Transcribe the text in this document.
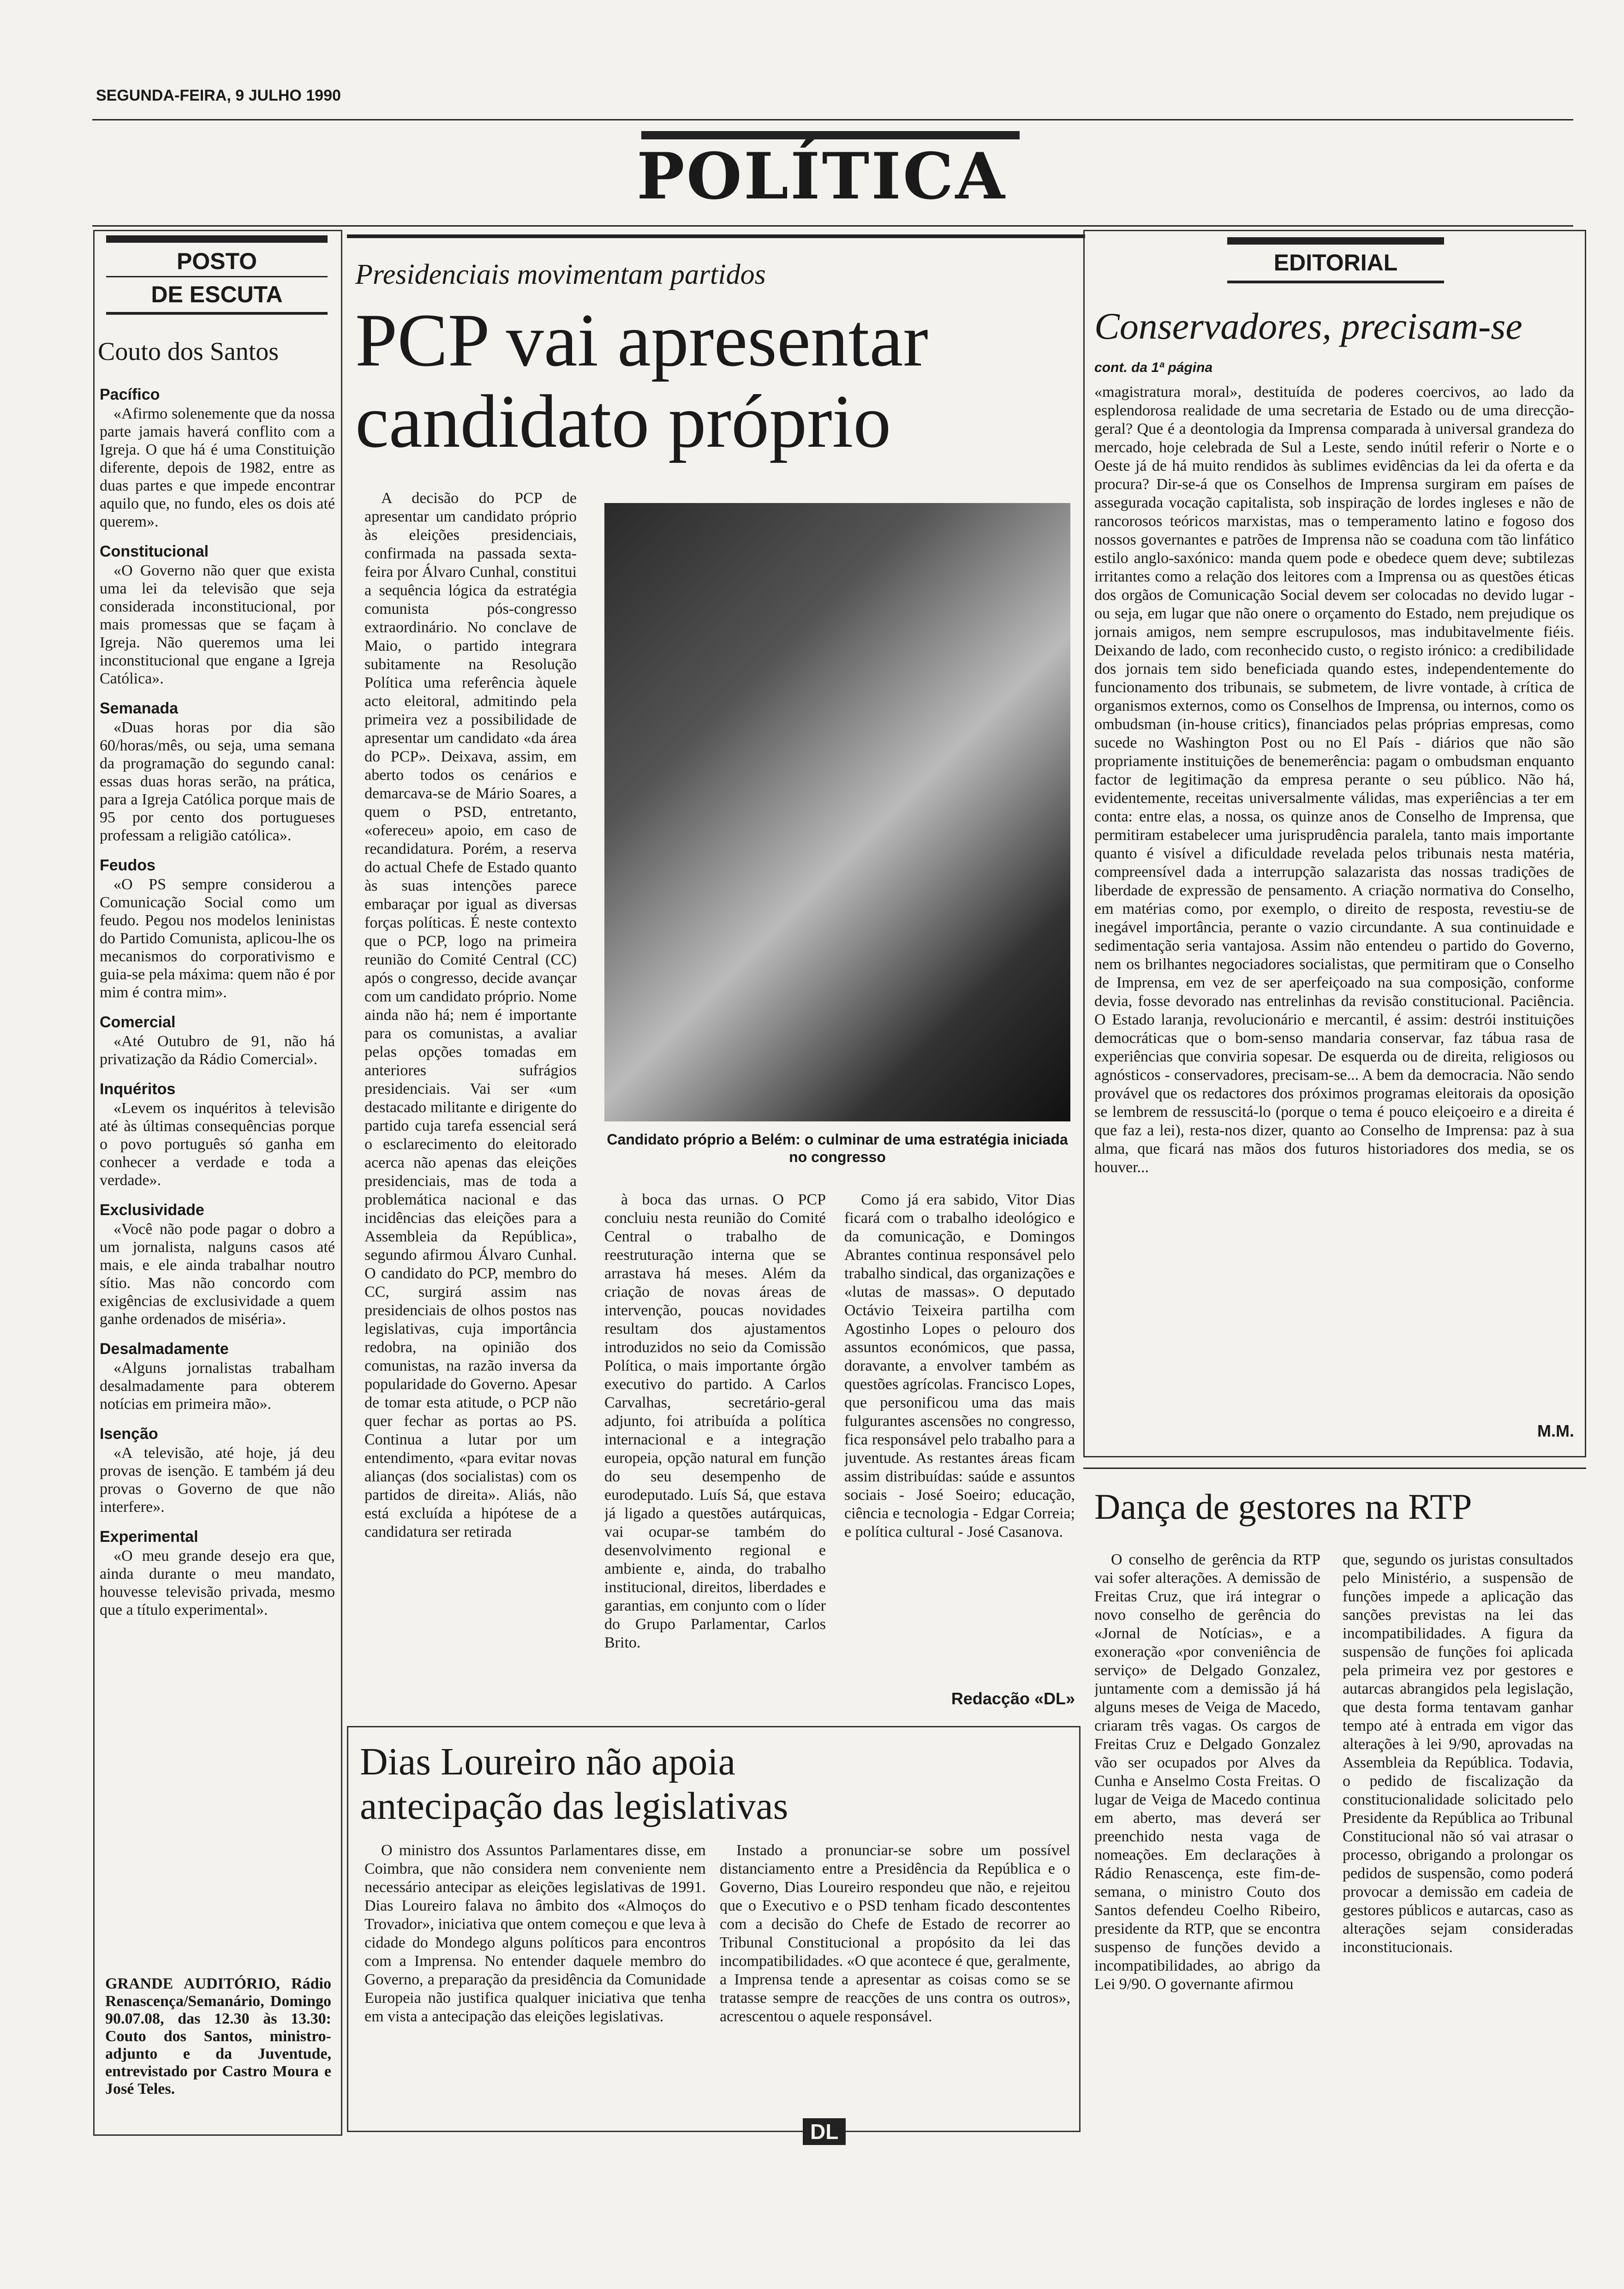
SEGUNDA-FEIRA, 9 JULHO 1990
POLÍTICA
POSTO
DE ESCUTA
Couto dos Santos
Pacífico

«Afirmo solenemente que da nossa parte jamais haverá conflito com a Igreja. O que há é uma Constituição diferente, depois de 1982, entre as duas partes e que impede encontrar aquilo que, no fundo, eles os dois até querem».

Constitucional

«O Governo não quer que exista uma lei da televisão que seja considerada inconstitucional, por mais promessas que se façam à Igreja. Não queremos uma lei inconstitucional que engane a Igreja Católica».

Semanada

«Duas horas por dia são 60/horas/mês, ou seja, uma semana da programação do segundo canal: essas duas horas serão, na prática, para a Igreja Católica porque mais de 95 por cento dos portugueses professam a religião católica».

Feudos

«O PS sempre considerou a Comunicação Social como um feudo. Pegou nos modelos leninistas do Partido Comunista, aplicou-lhe os mecanismos do corporativismo e guia-se pela máxima: quem não é por mim é contra mim».

Comercial

«Até Outubro de 91, não há privatização da Rádio Comercial».

Inquéritos

«Levem os inquéritos à televisão até às últimas consequências porque o povo português só ganha em conhecer a verdade e toda a verdade».

Exclusividade

«Você não pode pagar o dobro a um jornalista, nalguns casos até mais, e ele ainda trabalhar noutro sítio. Mas não concordo com exigências de exclusividade a quem ganhe ordenados de miséria».

Desalmadamente

«Alguns jornalistas trabalham desalmadamente para obterem notícias em primeira mão».

Isenção

«A televisão, até hoje, já deu provas de isenção. E também já deu provas o Governo de que não interfere».

Experimental

«O meu grande desejo era que, ainda durante o meu mandato, houvesse televisão privada, mesmo que a título experimental».

GRANDE AUDITÓRIO, Rádio Renascença/Semanário, Domingo 90.07.08, das 12.30 às 13.30: Couto dos Santos, ministro-adjunto e da Juventude, entrevistado por Castro Moura e José Teles.
Presidenciais movimentam partidos
PCP vai apresentar candidato próprio

A decisão do PCP de apresentar um candidato próprio às eleições presidenciais, confirmada na passada sexta-feira por Álvaro Cunhal, constitui a sequência lógica da estratégia comunista pós-congresso extraordinário. No conclave de Maio, o partido integrara subitamente na Resolução Política uma referência àquele acto eleitoral, admitindo pela primeira vez a possibilidade de apresentar um candidato «da área do PCP». Deixava, assim, em aberto todos os cenários e demarcava-se de Mário Soares, a quem o PSD, entretanto, «ofereceu» apoio, em caso de recandidatura. Porém, a reserva do actual Chefe de Estado quanto às suas intenções parece embaraçar por igual as diversas forças políticas. É neste contexto que o PCP, logo na primeira reunião do Comité Central (CC) após o congresso, decide avançar com um candidato próprio. Nome ainda não há; nem é importante para os comunistas, a avaliar pelas opções tomadas em anteriores sufrágios presidenciais. Vai ser «um destacado militante e dirigente do partido cuja tarefa essencial será o esclarecimento do eleitorado acerca não apenas das eleições presidenciais, mas de toda a problemática nacional e das incidências das eleições para a Assembleia da República», segundo afirmou Álvaro Cunhal. O candidato do PCP, membro do CC, surgirá assim nas presidenciais de olhos postos nas legislativas, cuja importância redobra, na opinião dos comunistas, na razão inversa da popularidade do Governo. Apesar de tomar esta atitude, o PCP não quer fechar as portas ao PS. Continua a lutar por um entendimento, «para evitar novas alianças (dos socialistas) com os partidos de direita». Aliás, não está excluída a hipótese de a candidatura ser retirada

Candidato próprio a Belém: o culminar de uma estratégia iniciada no congresso

à boca das urnas. O PCP concluiu nesta reunião do Comité Central o trabalho de reestruturação interna que se arrastava há meses. Além da criação de novas áreas de intervenção, poucas novidades resultam dos ajustamentos introduzidos no seio da Comissão Política, o mais importante órgão executivo do partido. A Carlos Carvalhas, secretário-geral adjunto, foi atribuída a política internacional e a integração europeia, opção natural em função do seu desempenho de eurodeputado. Luís Sá, que estava já ligado a questões autárquicas, vai ocupar-se também do desenvolvimento regional e ambiente e, ainda, do trabalho institucional, direitos, liberdades e garantias, em conjunto com o líder do Grupo Parlamentar, Carlos Brito.

Como já era sabido, Vitor Dias ficará com o trabalho ideológico e da comunicação, e Domingos Abrantes continua responsável pelo trabalho sindical, das organizações e «lutas de massas». O deputado Octávio Teixeira partilha com Agostinho Lopes o pelouro dos assuntos económicos, que passa, doravante, a envolver também as questões agrícolas. Francisco Lopes, que personificou uma das mais fulgurantes ascensões no congresso, fica responsável pelo trabalho para a juventude. As restantes áreas ficam assim distribuídas: saúde e assuntos sociais - José Soeiro; educação, ciência e tecnologia - Edgar Correia; e política cultural - José Casanova.

Redacção «DL»
EDITORIAL
Conservadores, precisam-se
cont. da 1ª página

«magistratura moral», destituída de poderes coercivos, ao lado da esplendorosa realidade de uma secretaria de Estado ou de uma direcção-geral? Que é a deontologia da Imprensa comparada à universal grandeza do mercado, hoje celebrada de Sul a Leste, sendo inútil referir o Norte e o Oeste já de há muito rendidos às sublimes evidências da lei da oferta e da procura? Dir-se-á que os Conselhos de Imprensa surgiram em países de assegurada vocação capitalista, sob inspiração de lordes ingleses e não de rancorosos teóricos marxistas, mas o temperamento latino e fogoso dos nossos governantes e patrões de Imprensa não se coaduna com tão linfático estilo anglo-saxónico: manda quem pode e obedece quem deve; subtilezas irritantes como a relação dos leitores com a Imprensa ou as questões éticas dos orgãos de Comunicação Social devem ser colocadas no devido lugar - ou seja, em lugar que não onere o orçamento do Estado, nem prejudique os jornais amigos, nem sempre escrupulosos, mas indubitavelmente fiéis. Deixando de lado, com reconhecido custo, o registo irónico: a credibilidade dos jornais tem sido beneficiada quando estes, independentemente do funcionamento dos tribunais, se submetem, de livre vontade, à crítica de organismos externos, como os Conselhos de Imprensa, ou internos, como os ombudsman (in-house critics), financiados pelas próprias empresas, como sucede no Washington Post ou no El País - diários que não são propriamente instituições de benemerência: pagam o ombudsman enquanto factor de legitimação da empresa perante o seu público. Não há, evidentemente, receitas universalmente válidas, mas experiências a ter em conta: entre elas, a nossa, os quinze anos de Conselho de Imprensa, que permitiram estabelecer uma jurisprudência paralela, tanto mais importante quanto é visível a dificuldade revelada pelos tribunais nesta matéria, compreensível dada a interrupção salazarista das nossas tradições de liberdade de expressão de pensamento. A criação normativa do Conselho, em matérias como, por exemplo, o direito de resposta, revestiu-se de inegável importância, perante o vazio circundante. A sua continuidade e sedimentação seria vantajosa. Assim não entendeu o partido do Governo, nem os brilhantes negociadores socialistas, que permitiram que o Conselho de Imprensa, em vez de ser aperfeiçoado na sua composição, conforme devia, fosse devorado nas entrelinhas da revisão constitucional. Paciência. O Estado laranja, revolucionário e mercantil, é assim: destrói instituições democráticas que o bom-senso mandaria conservar, faz tábua rasa de experiências que conviria sopesar. De esquerda ou de direita, religiosos ou agnósticos - conservadores, precisam-se... A bem da democracia. Não sendo provável que os redactores dos próximos programas eleitorais da oposição se lembrem de ressuscitá-lo (porque o tema é pouco eleiçoeiro e a direita é que faz a lei), resta-nos dizer, quanto ao Conselho de Imprensa: paz à sua alma, que ficará nas mãos dos futuros historiadores dos media, se os houver...

M.M.
Dança de gestores na RTP

O conselho de gerência da RTP vai sofer alterações. A demissão de Freitas Cruz, que irá integrar o novo conselho de gerência do «Jornal de Notícias», e a exoneração «por conveniência de serviço» de Delgado Gonzalez, juntamente com a demissão já há alguns meses de Veiga de Macedo, criaram três vagas. Os cargos de Freitas Cruz e Delgado Gonzalez vão ser ocupados por Alves da Cunha e Anselmo Costa Freitas. O lugar de Veiga de Macedo continua em aberto, mas deverá ser preenchido nesta vaga de nomeações. Em declarações à Rádio Renascença, este fim-de-semana, o ministro Couto dos Santos defendeu Coelho Ribeiro, presidente da RTP, que se encontra suspenso de funções devido a incompatibilidades, ao abrigo da Lei 9/90. O governante afirmou

que, segundo os juristas consultados pelo Ministério, a suspensão de funções impede a aplicação das sanções previstas na lei das incompatibilidades. A figura da suspensão de funções foi aplicada pela primeira vez por gestores e autarcas abrangidos pela legislação, que desta forma tentavam ganhar tempo até à entrada em vigor das alterações à lei 9/90, aprovadas na Assembleia da República. Todavia, o pedido de fiscalização da constitucionalidade solicitado pelo Presidente da República ao Tribunal Constitucional não só vai atrasar o processo, obrigando a prolongar os pedidos de suspensão, como poderá provocar a demissão em cadeia de gestores públicos e autarcas, caso as alterações sejam consideradas inconstitucionais.

Dias Loureiro não apoia
antecipação das legislativas

O ministro dos Assuntos Parlamentares disse, em Coimbra, que não considera nem conveniente nem necessário antecipar as eleições legislativas de 1991. Dias Loureiro falava no âmbito dos «Almoços do Trovador», iniciativa que ontem começou e que leva à cidade do Mondego alguns políticos para encontros com a Imprensa. No entender daquele membro do Governo, a preparação da presidência da Comunidade Europeia não justifica qualquer iniciativa que tenha em vista a antecipação das eleições legislativas.

Instado a pronunciar-se sobre um possível distanciamento entre a Presidência da República e o Governo, Dias Loureiro respondeu que não, e rejeitou que o Executivo e o PSD tenham ficado descontentes com a decisão do Chefe de Estado de recorrer ao Tribunal Constitucional a propósito da lei das incompatibilidades. «O que acontece é que, geralmente, a Imprensa tende a apresentar as coisas como se se tratasse sempre de reacções de uns contra os outros», acrescentou o aquele responsável.

DL
